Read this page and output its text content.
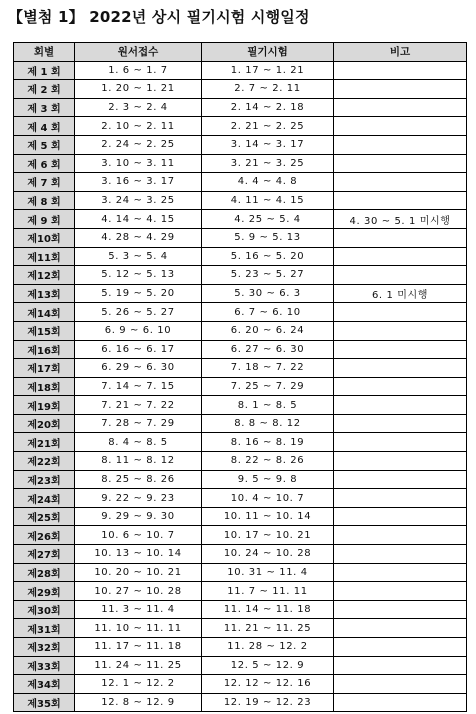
【별첨 1】 2022년 상시 필기시험 시행일정
회별	원서접수	필기시험	비고
제 1 회	1. 6 ~ 1. 7	1. 17 ~ 1. 21	
제 2 회	1. 20 ~ 1. 21	2. 7 ~ 2. 11	
제 3 회	2. 3 ~ 2. 4	2. 14 ~ 2. 18	
제 4 회	2. 10 ~ 2. 11	2. 21 ~ 2. 25	
제 5 회	2. 24 ~ 2. 25	3. 14 ~ 3. 17	
제 6 회	3. 10 ~ 3. 11	3. 21 ~ 3. 25	
제 7 회	3. 16 ~ 3. 17	4. 4 ~ 4. 8	
제 8 회	3. 24 ~ 3. 25	4. 11 ~ 4. 15	
제 9 회	4. 14 ~ 4. 15	4. 25 ~ 5. 4	4. 30 ~ 5. 1 미시행
제10회	4. 28 ~ 4. 29	5. 9 ~ 5. 13	
제11회	5. 3 ~ 5. 4	5. 16 ~ 5. 20	
제12회	5. 12 ~ 5. 13	5. 23 ~ 5. 27	
제13회	5. 19 ~ 5. 20	5. 30 ~ 6. 3	6. 1 미시행
제14회	5. 26 ~ 5. 27	6. 7 ~ 6. 10	
제15회	6. 9 ~ 6. 10	6. 20 ~ 6. 24	
제16회	6. 16 ~ 6. 17	6. 27 ~ 6. 30	
제17회	6. 29 ~ 6. 30	7. 18 ~ 7. 22	
제18회	7. 14 ~ 7. 15	7. 25 ~ 7. 29	
제19회	7. 21 ~ 7. 22	8. 1 ~ 8. 5	
제20회	7. 28 ~ 7. 29	8. 8 ~ 8. 12	
제21회	8. 4 ~ 8. 5	8. 16 ~ 8. 19	
제22회	8. 11 ~ 8. 12	8. 22 ~ 8. 26	
제23회	8. 25 ~ 8. 26	9. 5 ~ 9. 8	
제24회	9. 22 ~ 9. 23	10. 4 ~ 10. 7	
제25회	9. 29 ~ 9. 30	10. 11 ~ 10. 14	
제26회	10. 6 ~ 10. 7	10. 17 ~ 10. 21	
제27회	10. 13 ~ 10. 14	10. 24 ~ 10. 28	
제28회	10. 20 ~ 10. 21	10. 31 ~ 11. 4	
제29회	10. 27 ~ 10. 28	11. 7 ~ 11. 11	
제30회	11. 3 ~ 11. 4	11. 14 ~ 11. 18	
제31회	11. 10 ~ 11. 11	11. 21 ~ 11. 25	
제32회	11. 17 ~ 11. 18	11. 28 ~ 12. 2	
제33회	11. 24 ~ 11. 25	12. 5 ~ 12. 9	
제34회	12. 1 ~ 12. 2	12. 12 ~ 12. 16	
제35회	12. 8 ~ 12. 9	12. 19 ~ 12. 23	
